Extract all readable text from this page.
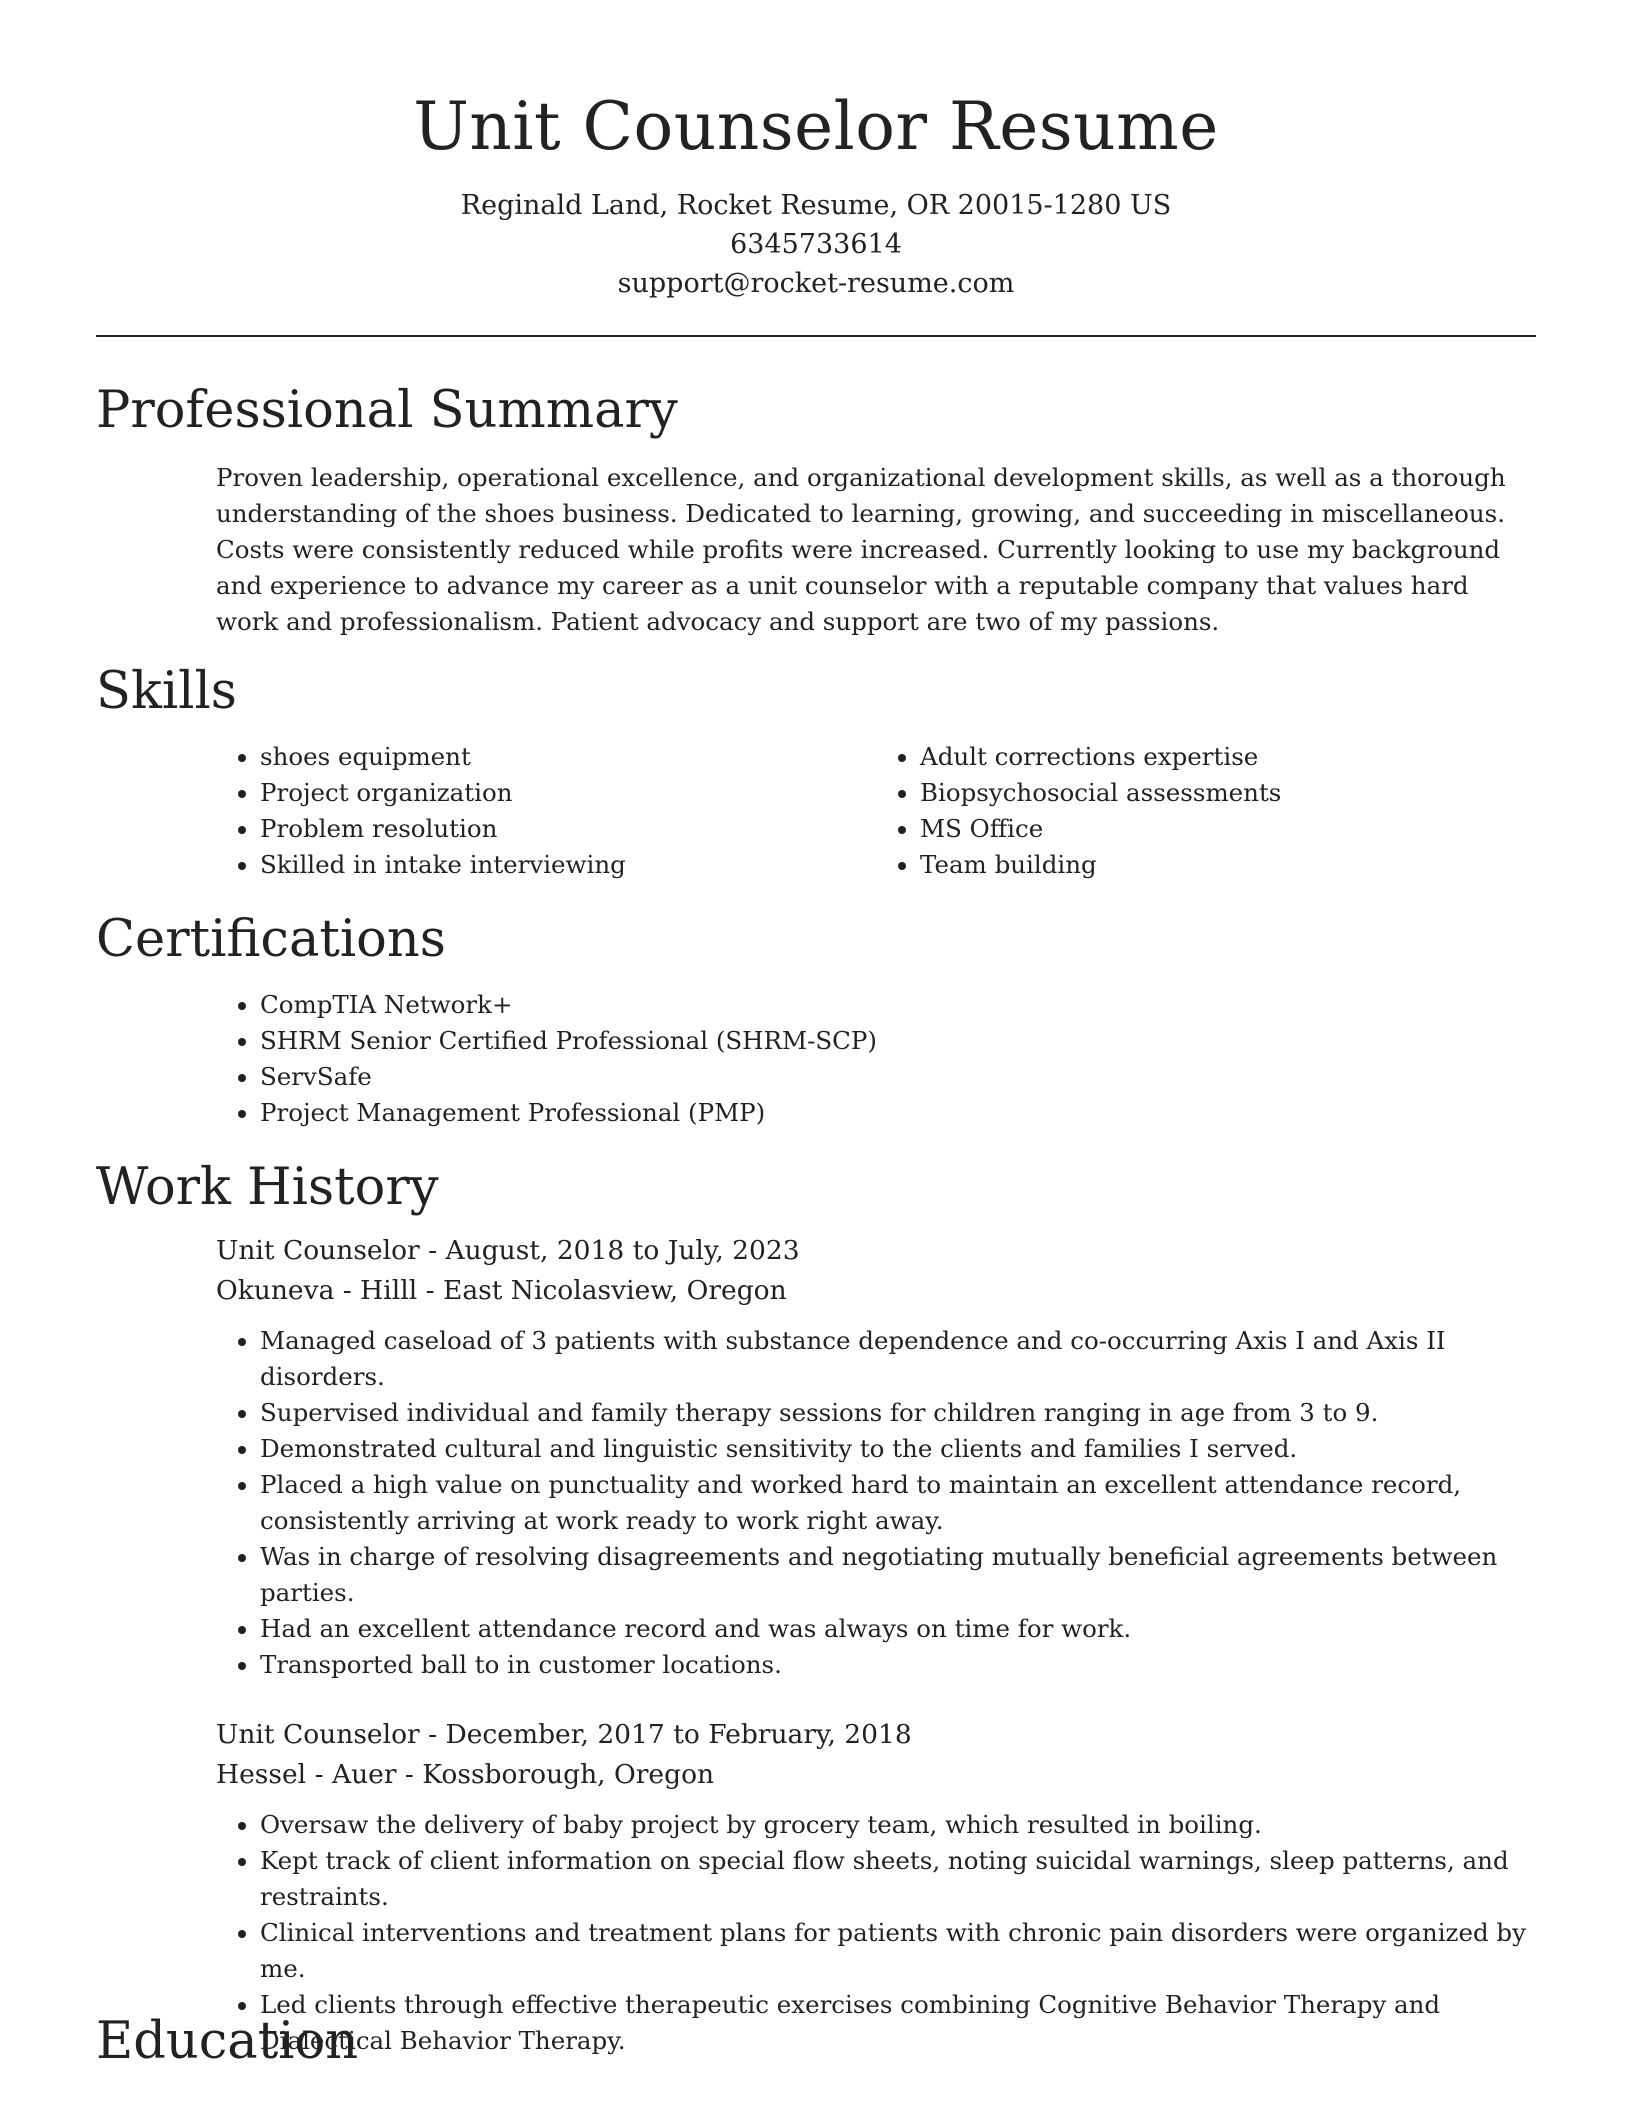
Unit Counselor Resume
Reginald Land, Rocket Resume, OR 20015-1280 US
6345733614
support@rocket-resume.com
Professional Summary

Proven leadership, operational excellence, and organizational development skills, as well as a thorough understanding of the shoes business. Dedicated to learning, growing, and succeeding in miscellaneous. Costs were consistently reduced while profits were increased. Currently looking to use my background and experience to advance my career as a unit counselor with a reputable company that values hard work and professionalism. Patient advocacy and support are two of my passions.

Skills
• shoes equipment
• Project organization
• Problem resolution
• Skilled in intake interviewing
• Adult corrections expertise
• Biopsychosocial assessments
• MS Office
• Team building
Certifications
• CompTIA Network+
• SHRM Senior Certified Professional (SHRM-SCP)
• ServSafe
• Project Management Professional (PMP)
Work History
Unit Counselor - August, 2018 to July, 2023
Okuneva - Hilll - East Nicolasview, Oregon
• Managed caseload of 3 patients with substance dependence and co-occurring Axis I and Axis II disorders.
• Supervised individual and family therapy sessions for children ranging in age from 3 to 9.
• Demonstrated cultural and linguistic sensitivity to the clients and families I served.
• Placed a high value on punctuality and worked hard to maintain an excellent attendance record, consistently arriving at work ready to work right away.
• Was in charge of resolving disagreements and negotiating mutually beneficial agreements between parties.
• Had an excellent attendance record and was always on time for work.
• Transported ball to in customer locations.
Unit Counselor - December, 2017 to February, 2018
Hessel - Auer - Kossborough, Oregon
• Oversaw the delivery of baby project by grocery team, which resulted in boiling.
• Kept track of client information on special flow sheets, noting suicidal warnings, sleep patterns, and restraints.
• Clinical interventions and treatment plans for patients with chronic pain disorders were organized by me.
• Led clients through effective therapeutic exercises combining Cognitive Behavior Therapy and Dialectical Behavior Therapy.
Education
